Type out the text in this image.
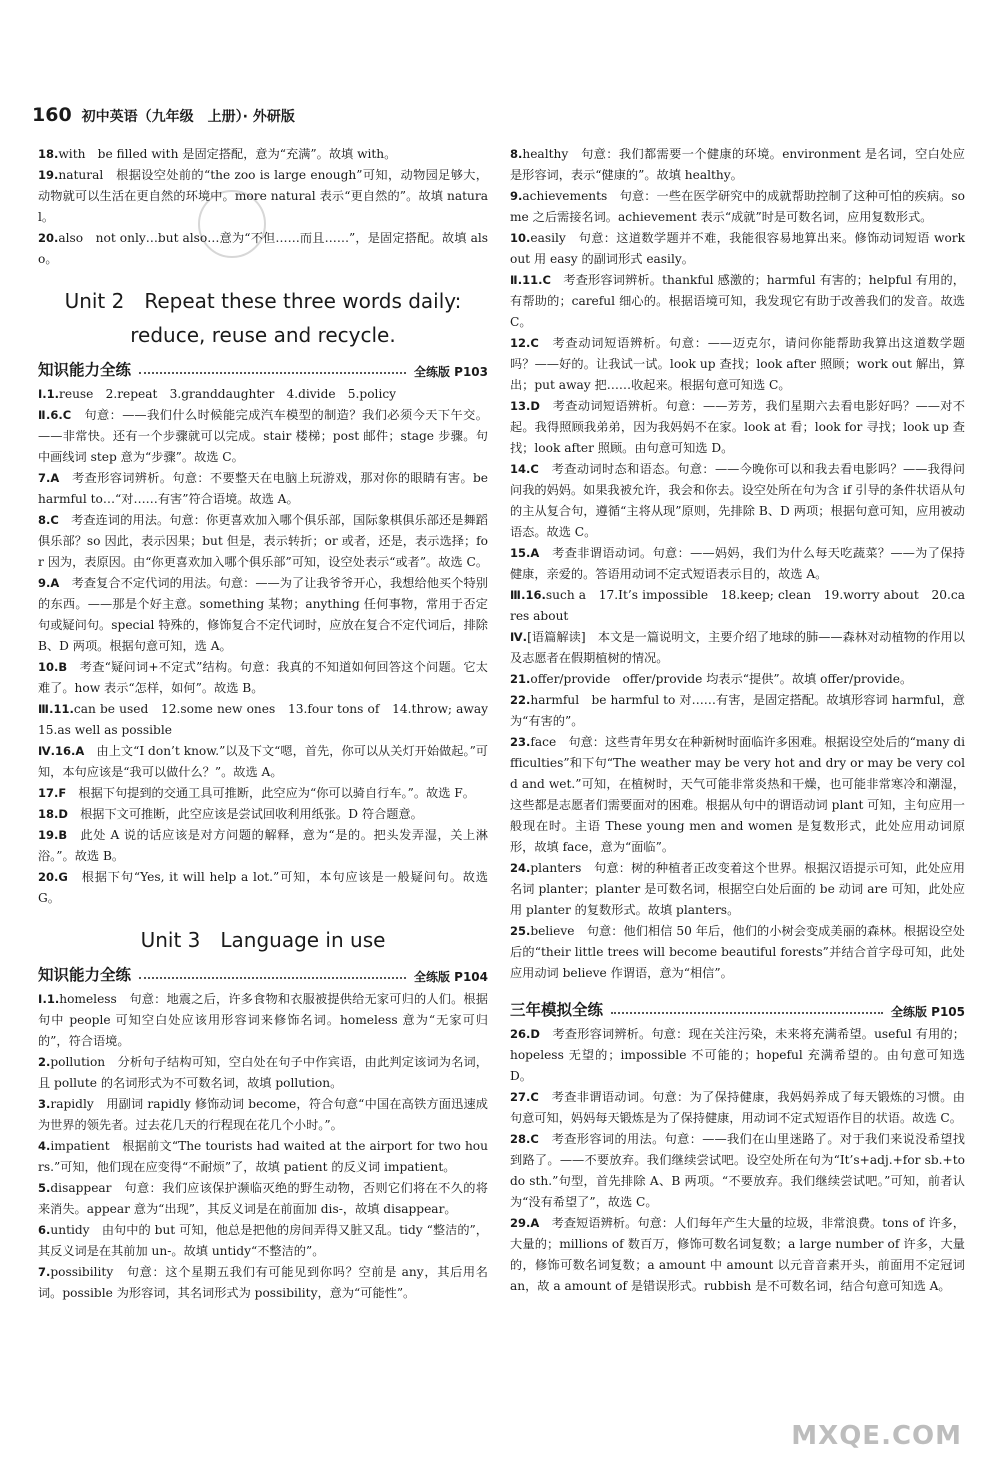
160 初中英语（九年级　上册）· 外研版

18.with　be filled with 是固定搭配，意为“充满”。故填 with。

19.natural　根据设空处前的“the zoo is large enough”可知，动物园足够大，动物就可以生活在更自然的环境中。more natural 表示“更自然的”。故填 natural。

20.also　not only…but also…意为“不但……而且……”，是固定搭配。故填 also。

Unit 2　Repeat these three words daily:
reduce, reuse and recycle.
知识能力全练	全练版 P103

Ⅰ.1.reuse　2.repeat　3.granddaughter　4.divide　5.policy

Ⅱ.6.C　句意：——我们什么时候能完成汽车模型的制造？我们必须今天下午交。——非常快。还有一个步骤就可以完成。stair 楼梯；post 邮件；stage 步骤。句中画线词 step 意为“步骤”。故选 C。

7.A　考查形容词辨析。句意：不要整天在电脑上玩游戏，那对你的眼睛有害。be harmful to…“对……有害”符合语境。故选 A。

8.C　考查连词的用法。句意：你更喜欢加入哪个俱乐部，国际象棋俱乐部还是舞蹈俱乐部？so 因此，表示因果；but 但是，表示转折；or 或者，还是，表示选择；for 因为，表原因。由“你更喜欢加入哪个俱乐部”可知，设空处表示“或者”。故选 C。

9.A　考查复合不定代词的用法。句意：——为了让我爷爷开心，我想给他买个特别的东西。——那是个好主意。something 某物；anything 任何事物，常用于否定句或疑问句。special 特殊的，修饰复合不定代词时，应放在复合不定代词后，排除 B、D 两项。根据句意可知，选 A。

10.B　考查“疑问词+不定式”结构。句意：我真的不知道如何回答这个问题。它太难了。how 表示“怎样，如何”。故选 B。

Ⅲ.11.can be used　12.some new ones　13.four tons of　14.throw; away　15.as well as possible

Ⅳ.16.A　由上文“I don’t know.”以及下文“嗯，首先，你可以从关灯开始做起。”可知，本句应该是“我可以做什么？”。故选 A。

17.F　根据下句提到的交通工具可推断，此空应为“你可以骑自行车。”。故选 F。

18.D　根据下文可推断，此空应该是尝试回收利用纸张。D 符合题意。

19.B　此处 A 说的话应该是对方问题的解释，意为“是的。把头发弄湿，关上淋浴。”。故选 B。

20.G　根据下句“Yes, it will help a lot.”可知，本句应该是一般疑问句。故选 G。

Unit 3　Language in use
知识能力全练	全练版 P104

Ⅰ.1.homeless　句意：地震之后，许多食物和衣服被提供给无家可归的人们。根据句中 people 可知空白处应该用形容词来修饰名词。homeless 意为“无家可归的”，符合语境。

2.pollution　分析句子结构可知，空白处在句子中作宾语，由此判定该词为名词，且 pollute 的名词形式为不可数名词，故填 pollution。

3.rapidly　用副词 rapidly 修饰动词 become，符合句意“中国在高铁方面迅速成为世界的领先者。过去花几天的行程现在花几个小时。”。

4.impatient　根据前文“The tourists had waited at the airport for two hours.”可知，他们现在应变得“不耐烦”了，故填 patient 的反义词 impatient。

5.disappear　句意：我们应该保护濒临灭绝的野生动物，否则它们将在不久的将来消失。appear 意为“出现”，其反义词是在前面加 dis-，故填 disappear。

6.untidy　由句中的 but 可知，他总是把他的房间弄得又脏又乱。tidy “整洁的”，其反义词是在其前加 un-。故填 untidy“不整洁的”。

7.possibility　句意：这个星期五我们有可能见到你吗？空前是 any，其后用名词。possible 为形容词，其名词形式为 possibility，意为“可能性”。

8.healthy　句意：我们都需要一个健康的环境。environment 是名词，空白处应是形容词，表示“健康的”。故填 healthy。

9.achievements　句意：一些在医学研究中的成就帮助控制了这种可怕的疾病。some 之后需接名词。achievement 表示“成就”时是可数名词，应用复数形式。

10.easily　句意：这道数学题并不难，我能很容易地算出来。修饰动词短语 work out 用 easy 的副词形式 easily。

Ⅱ.11.C　考查形容词辨析。thankful 感激的；harmful 有害的；helpful 有用的，有帮助的；careful 细心的。根据语境可知，我发现它有助于改善我们的发音。故选 C。

12.C　考查动词短语辨析。句意：——迈克尔，请问你能帮助我算出这道数学题吗？——好的。让我试一试。look up 查找；look after 照顾；work out 解出，算出；put away 把……收起来。根据句意可知选 C。

13.D　考查动词短语辨析。句意：——芳芳，我们星期六去看电影好吗？——对不起。我得照顾我弟弟，因为我妈妈不在家。look at 看；look for 寻找；look up 查找；look after 照顾。由句意可知选 D。

14.C　考查动词时态和语态。句意：——今晚你可以和我去看电影吗？——我得问问我的妈妈。如果我被允许，我会和你去。设空处所在句为含 if 引导的条件状语从句的主从复合句，遵循“主将从现”原则，先排除 B、D 两项；根据句意可知，应用被动语态。故选 C。

15.A　考查非谓语动词。句意：——妈妈，我们为什么每天吃蔬菜？——为了保持健康，亲爱的。答语用动词不定式短语表示目的，故选 A。

Ⅲ.16.such a　17.It’s impossible　18.keep; clean　19.worry about　20.cares about

Ⅳ.[语篇解读]　本文是一篇说明文，主要介绍了地球的肺——森林对动植物的作用以及志愿者在假期植树的情况。

21.offer/provide　offer/provide 均表示“提供”。故填 offer/provide。

22.harmful　be harmful to 对……有害，是固定搭配。故填形容词 harmful，意为“有害的”。

23.face　句意：这些青年男女在种新树时面临许多困难。根据设空处后的“many difficulties”和下句“The weather may be very hot and dry or may be very cold and wet.”可知，在植树时，天气可能非常炎热和干燥，也可能非常寒冷和潮湿，这些都是志愿者们需要面对的困难。根据从句中的谓语动词 plant 可知，主句应用一般现在时。主语 These young men and women 是复数形式，此处应用动词原形，故填 face，意为“面临”。

24.planters　句意：树的种植者正改变着这个世界。根据汉语提示可知，此处应用名词 planter；planter 是可数名词，根据空白处后面的 be 动词 are 可知，此处应用 planter 的复数形式。故填 planters。

25.believe　句意：他们相信 50 年后，他们的小树会变成美丽的森林。根据设空处后的“their little trees will become beautiful forests”并结合首字母可知，此处应用动词 believe 作谓语，意为“相信”。

三年模拟全练	全练版 P105

26.D　考查形容词辨析。句意：现在关注污染，未来将充满希望。useful 有用的；hopeless 无望的；impossible 不可能的；hopeful 充满希望的。由句意可知选 D。

27.C　考查非谓语动词。句意：为了保持健康，我妈妈养成了每天锻炼的习惯。由句意可知，妈妈每天锻炼是为了保持健康，用动词不定式短语作目的状语。故选 C。

28.C　考查形容词的用法。句意：——我们在山里迷路了。对于我们来说没希望找到路了。——不要放弃。我们继续尝试吧。设空处所在句为“It’s+adj.+for sb.+to do sth.”句型，首先排除 A、B 两项。“不要放弃。我们继续尝试吧。”可知，前者认为“没有希望了”，故选 C。

29.A　考查短语辨析。句意：人们每年产生大量的垃圾，非常浪费。tons of 许多，大量的；millions of 数百万，修饰可数名词复数；a large number of 许多，大量的，修饰可数名词复数；a amount 中 amount 以元音音素开头，前面用不定冠词 an，故 a amount of 是错误形式。rubbish 是不可数名词，结合句意可知选 A。

MXQE.COM
